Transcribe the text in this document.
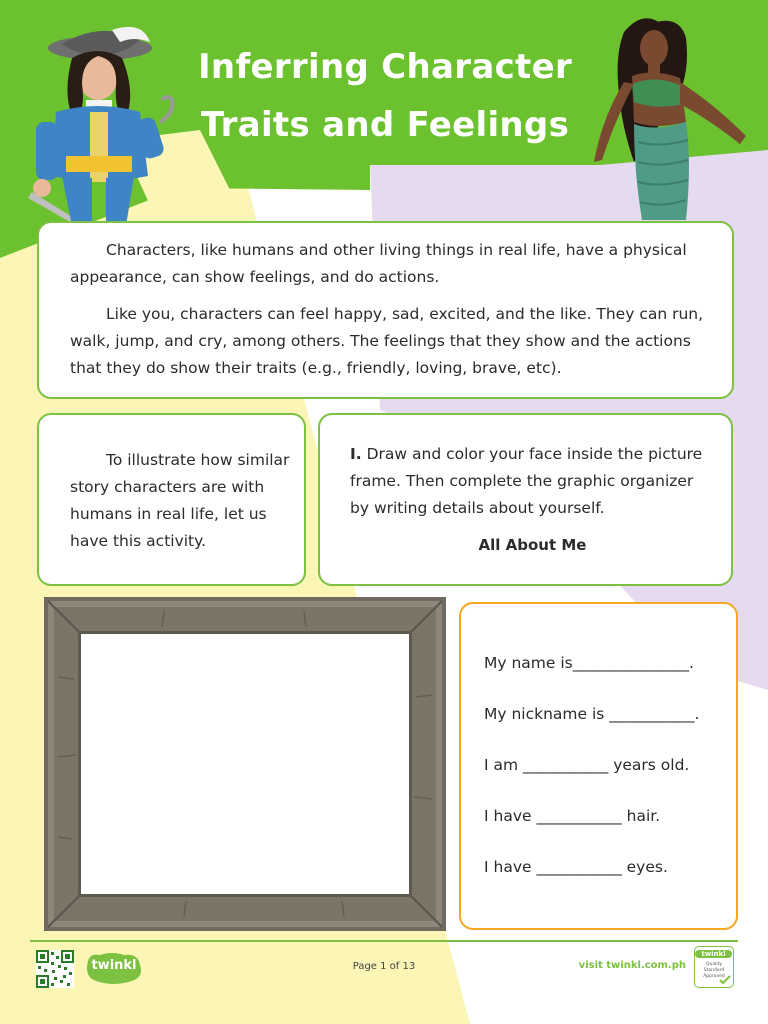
Inferring Character
Traits and Feelings

Characters, like humans and other living things in real life, have a physical appearance, can show feelings, and do actions.

Like you, characters can feel happy, sad, excited, and the like. They can run, walk, jump, and cry, among others. The feelings that they show and the actions that they do show their traits (e.g., friendly, loving, brave, etc).

To illustrate how similar story characters are with humans in real life, let us have this activity.

I. Draw and color your face inside the picture frame. Then complete the graphic organizer by writing details about yourself.

All About Me

My name is_______________.
My nickname is ___________.
I am ___________ years old.
I have ___________ hair.
I have ___________ eyes.
twinkl	Page 1 of 13	visit twinkl.com.ph
twinkl
Quality Standard Approved
